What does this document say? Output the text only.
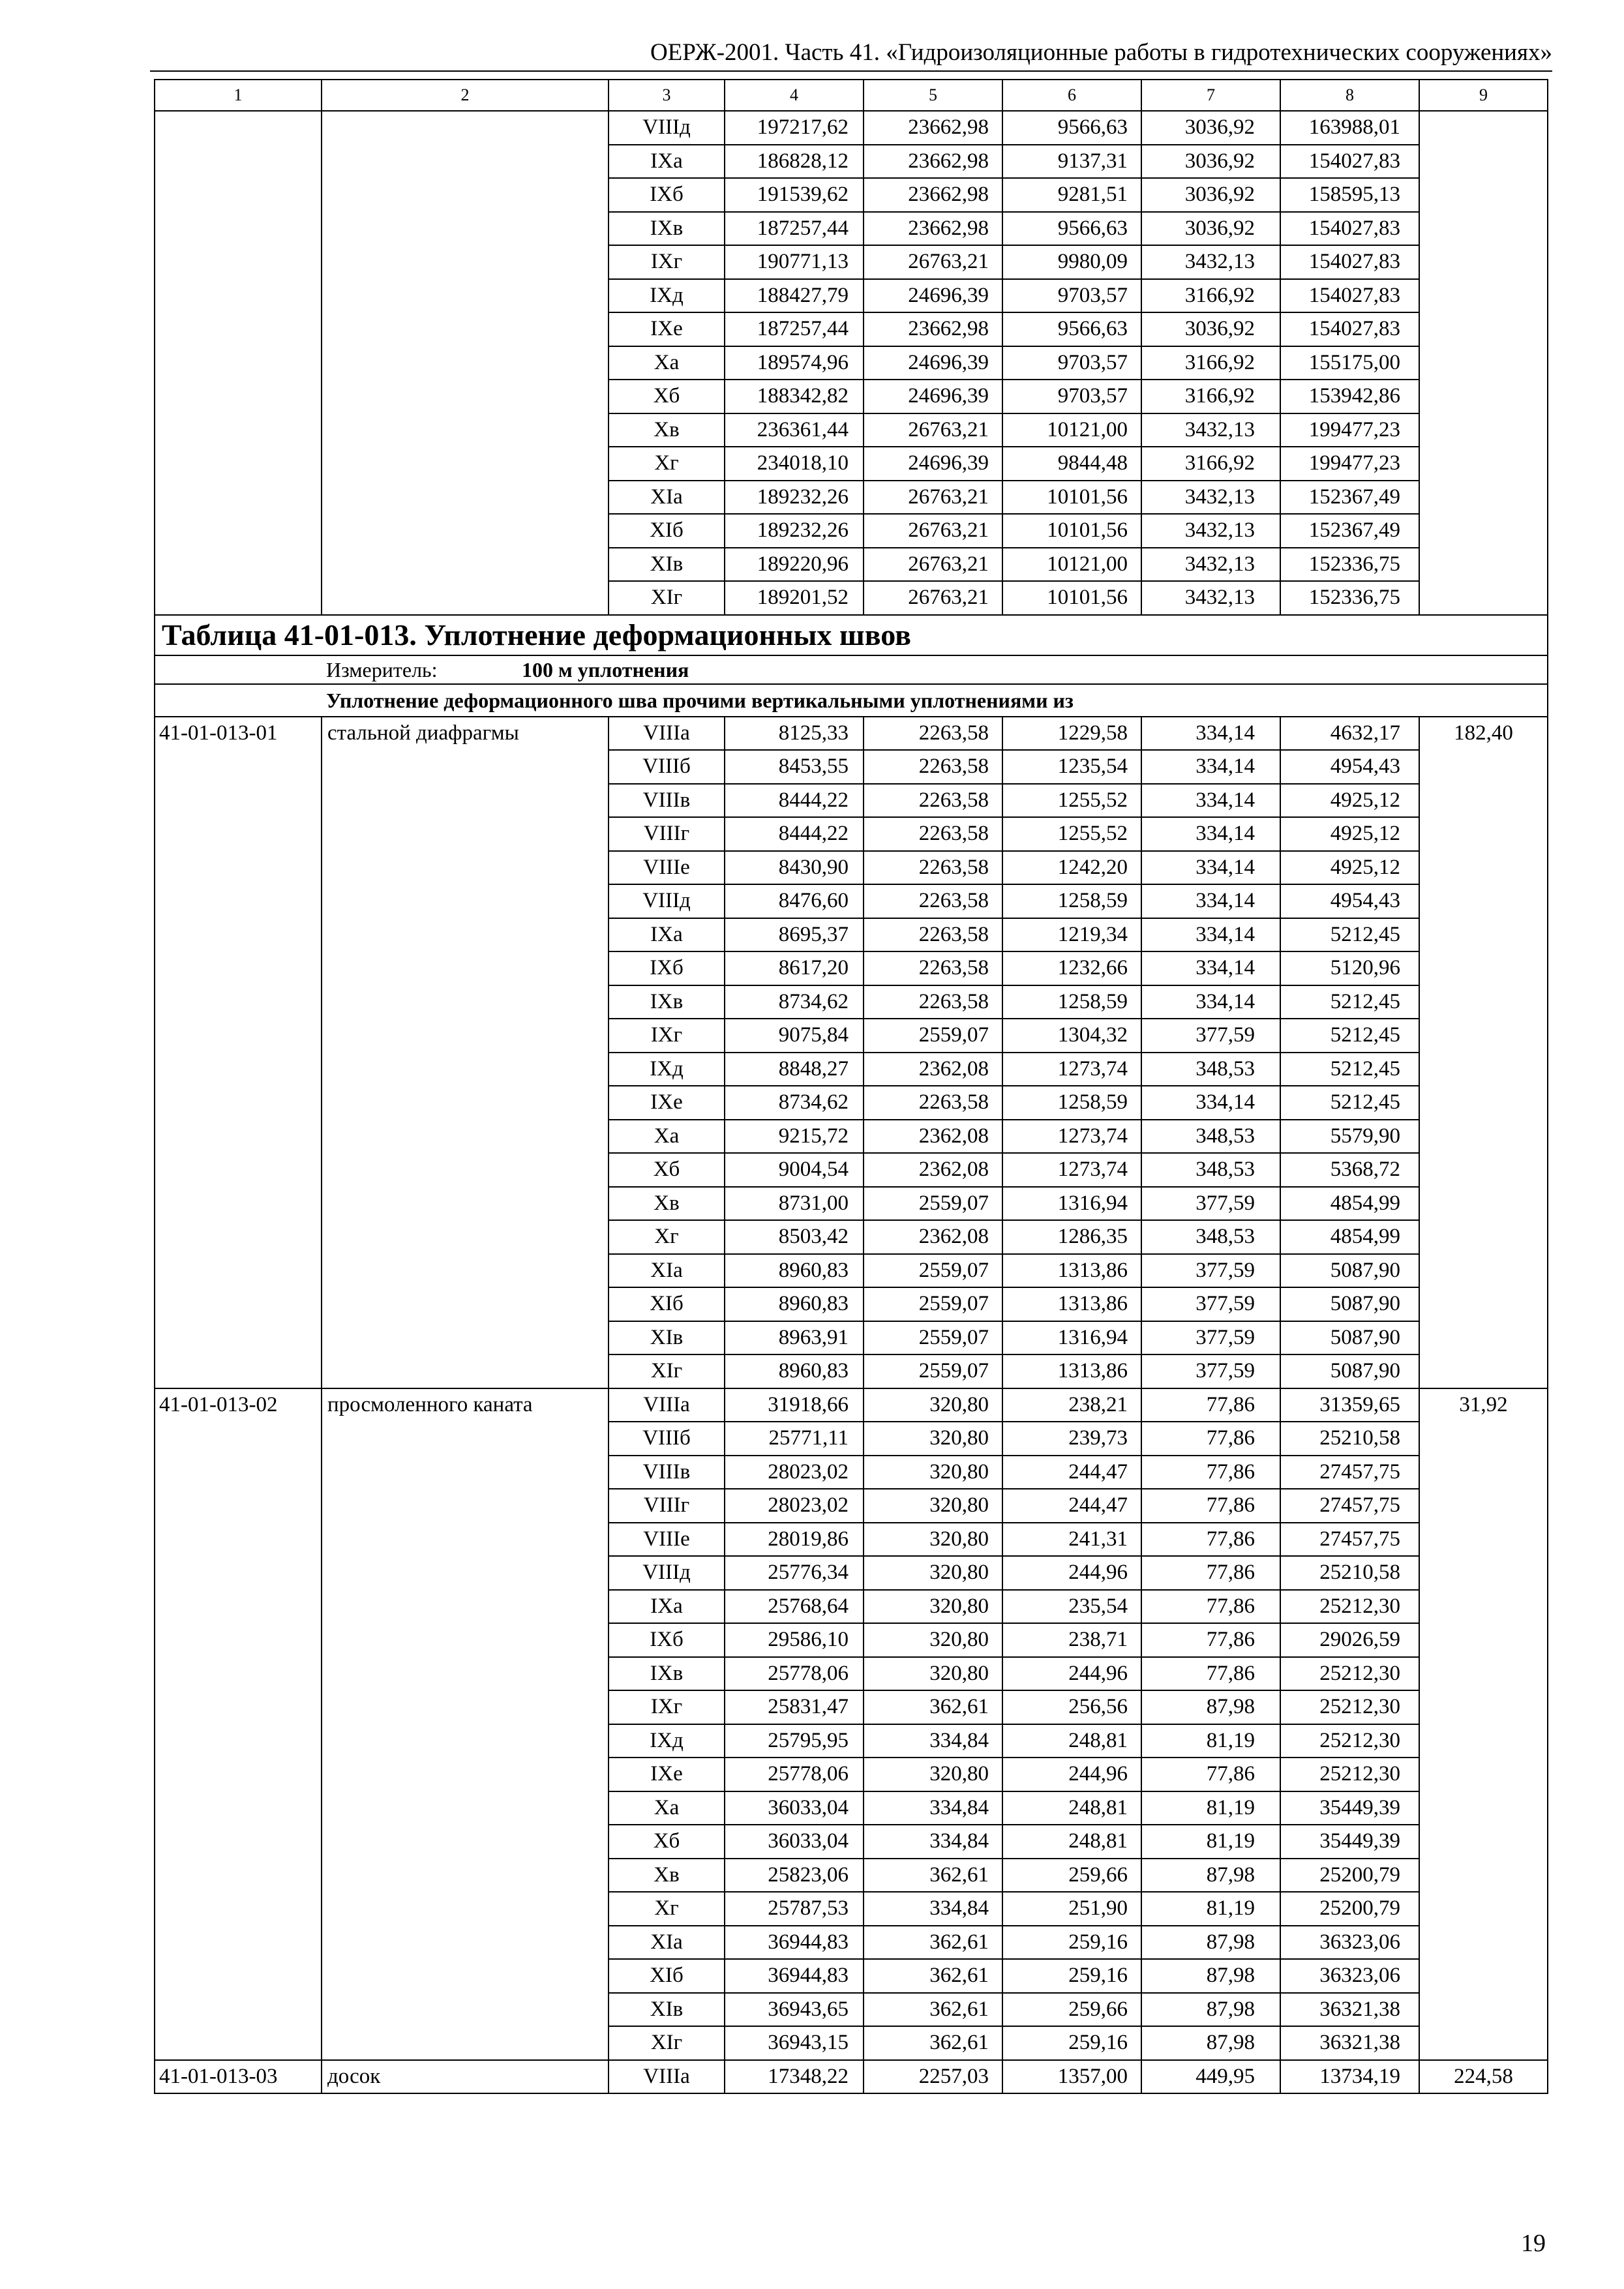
ОЕРЖ-2001. Часть 41. «Гидроизоляционные работы в гидротехнических сооружениях»
1	2	3	4	5	6	7	8	9
		VIIIд	197217,62	23662,98	9566,63	3036,92	163988,01	
		IXа	186828,12	23662,98	9137,31	3036,92	154027,83	
		IXб	191539,62	23662,98	9281,51	3036,92	158595,13	
		IXв	187257,44	23662,98	9566,63	3036,92	154027,83	
		IXг	190771,13	26763,21	9980,09	3432,13	154027,83	
		IXд	188427,79	24696,39	9703,57	3166,92	154027,83	
		IXе	187257,44	23662,98	9566,63	3036,92	154027,83	
		Xа	189574,96	24696,39	9703,57	3166,92	155175,00	
		Xб	188342,82	24696,39	9703,57	3166,92	153942,86	
		Xв	236361,44	26763,21	10121,00	3432,13	199477,23	
		Xг	234018,10	24696,39	9844,48	3166,92	199477,23	
		XIа	189232,26	26763,21	10101,56	3432,13	152367,49	
		XIб	189232,26	26763,21	10101,56	3432,13	152367,49	
		XIв	189220,96	26763,21	10121,00	3432,13	152336,75	
		XIг	189201,52	26763,21	10101,56	3432,13	152336,75	
Таблица 41-01-013. Уплотнение деформационных швов								
Измеритель: 100 м уплотнения								
Уплотнение деформационного шва прочими вертикальными уплотнениями из								
41-01-013-01	стальной диафрагмы	VIIIа	8125,33	2263,58	1229,58	334,14	4632,17	182,40
		VIIIб	8453,55	2263,58	1235,54	334,14	4954,43	
		VIIIв	8444,22	2263,58	1255,52	334,14	4925,12	
		VIIIг	8444,22	2263,58	1255,52	334,14	4925,12	
		VIIIе	8430,90	2263,58	1242,20	334,14	4925,12	
		VIIIд	8476,60	2263,58	1258,59	334,14	4954,43	
		IXа	8695,37	2263,58	1219,34	334,14	5212,45	
		IXб	8617,20	2263,58	1232,66	334,14	5120,96	
		IXв	8734,62	2263,58	1258,59	334,14	5212,45	
		IXг	9075,84	2559,07	1304,32	377,59	5212,45	
		IXд	8848,27	2362,08	1273,74	348,53	5212,45	
		IXе	8734,62	2263,58	1258,59	334,14	5212,45	
		Xа	9215,72	2362,08	1273,74	348,53	5579,90	
		Xб	9004,54	2362,08	1273,74	348,53	5368,72	
		Xв	8731,00	2559,07	1316,94	377,59	4854,99	
		Xг	8503,42	2362,08	1286,35	348,53	4854,99	
		XIа	8960,83	2559,07	1313,86	377,59	5087,90	
		XIб	8960,83	2559,07	1313,86	377,59	5087,90	
		XIв	8963,91	2559,07	1316,94	377,59	5087,90	
		XIг	8960,83	2559,07	1313,86	377,59	5087,90	
41-01-013-02	просмоленного каната	VIIIа	31918,66	320,80	238,21	77,86	31359,65	31,92
		VIIIб	25771,11	320,80	239,73	77,86	25210,58	
		VIIIв	28023,02	320,80	244,47	77,86	27457,75	
		VIIIг	28023,02	320,80	244,47	77,86	27457,75	
		VIIIе	28019,86	320,80	241,31	77,86	27457,75	
		VIIIд	25776,34	320,80	244,96	77,86	25210,58	
		IXа	25768,64	320,80	235,54	77,86	25212,30	
		IXб	29586,10	320,80	238,71	77,86	29026,59	
		IXв	25778,06	320,80	244,96	77,86	25212,30	
		IXг	25831,47	362,61	256,56	87,98	25212,30	
		IXд	25795,95	334,84	248,81	81,19	25212,30	
		IXе	25778,06	320,80	244,96	77,86	25212,30	
		Xа	36033,04	334,84	248,81	81,19	35449,39	
		Xб	36033,04	334,84	248,81	81,19	35449,39	
		Xв	25823,06	362,61	259,66	87,98	25200,79	
		Xг	25787,53	334,84	251,90	81,19	25200,79	
		XIа	36944,83	362,61	259,16	87,98	36323,06	
		XIб	36944,83	362,61	259,16	87,98	36323,06	
		XIв	36943,65	362,61	259,66	87,98	36321,38	
		XIг	36943,15	362,61	259,16	87,98	36321,38	
41-01-013-03	досок	VIIIа	17348,22	2257,03	1357,00	449,95	13734,19	224,58
19
